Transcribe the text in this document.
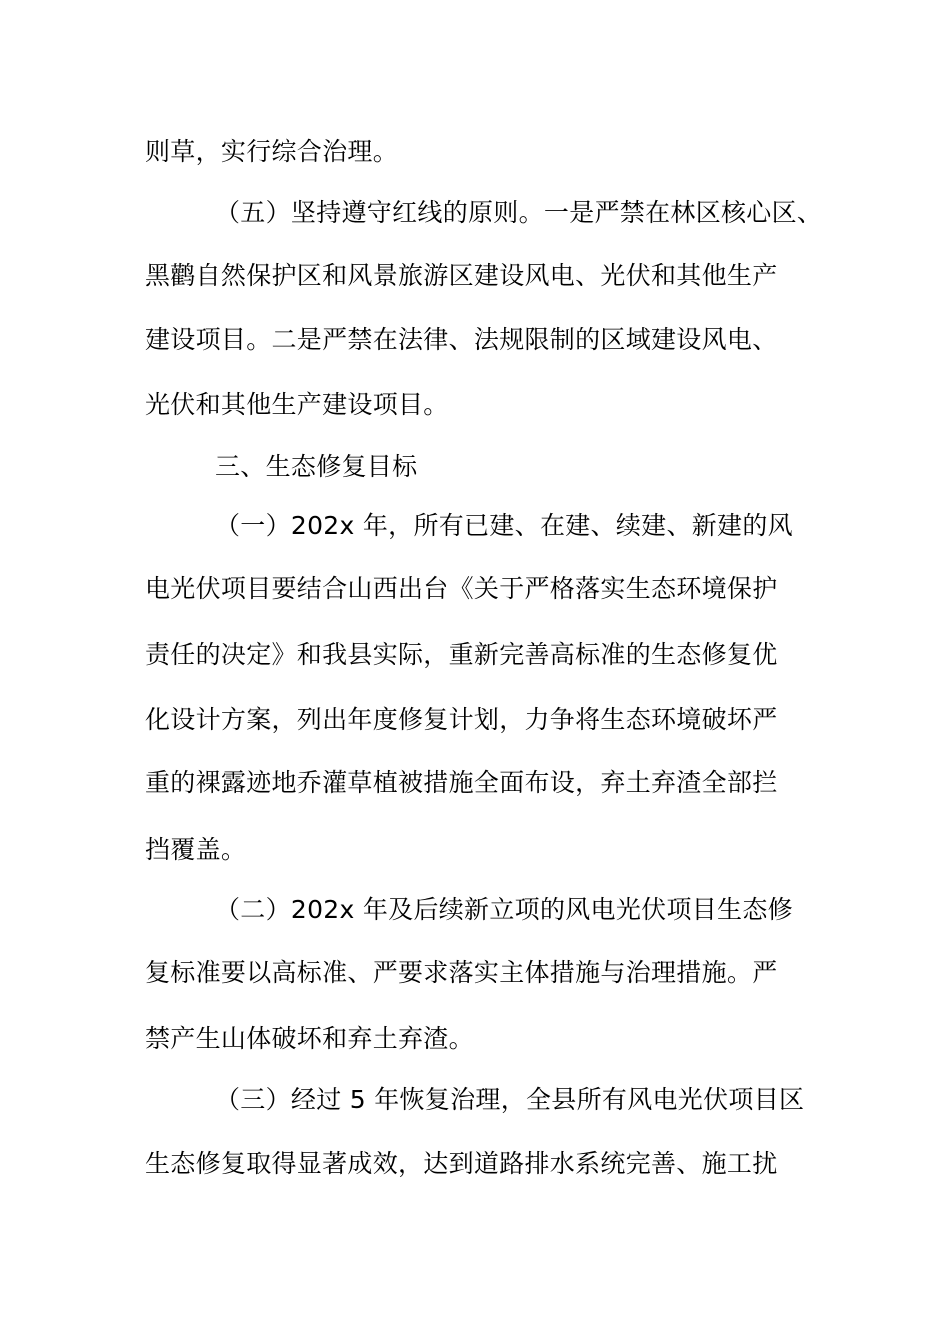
则草，实行综合治理。
（五）坚持遵守红线的原则。一是严禁在林区核心区、
黑鹳自然保护区和风景旅游区建设风电、光伏和其他生产
建设项目。二是严禁在法律、法规限制的区域建设风电、
光伏和其他生产建设项目。
三、生态修复目标
（一）202x 年，所有已建、在建、续建、新建的风
电光伏项目要结合山西出台《关于严格落实生态环境保护
责任的决定》和我县实际，重新完善高标准的生态修复优
化设计方案，列出年度修复计划，力争将生态环境破坏严
重的裸露迹地乔灌草植被措施全面布设，弃土弃渣全部拦
挡覆盖。
（二）202x 年及后续新立项的风电光伏项目生态修
复标准要以高标准、严要求落实主体措施与治理措施。严
禁产生山体破坏和弃土弃渣。
（三）经过 5 年恢复治理，全县所有风电光伏项目区
生态修复取得显著成效，达到道路排水系统完善、施工扰
